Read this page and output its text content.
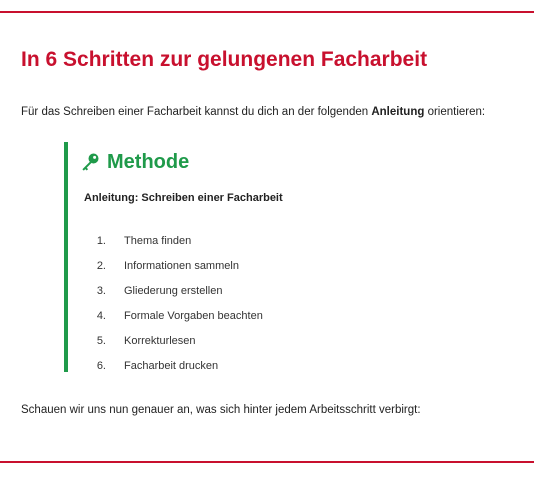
In 6 Schritten zur gelungenen Facharbeit

Für das Schreiben einer Facharbeit kannst du dich an der folgenden Anleitung orientieren:

Methode

Anleitung: Schreiben einer Facharbeit

1. Thema finden
2. Informationen sammeln
3. Gliederung erstellen
4. Formale Vorgaben beachten
5. Korrekturlesen
6. Facharbeit drucken

Schauen wir uns nun genauer an, was sich hinter jedem Arbeitsschritt verbirgt:
